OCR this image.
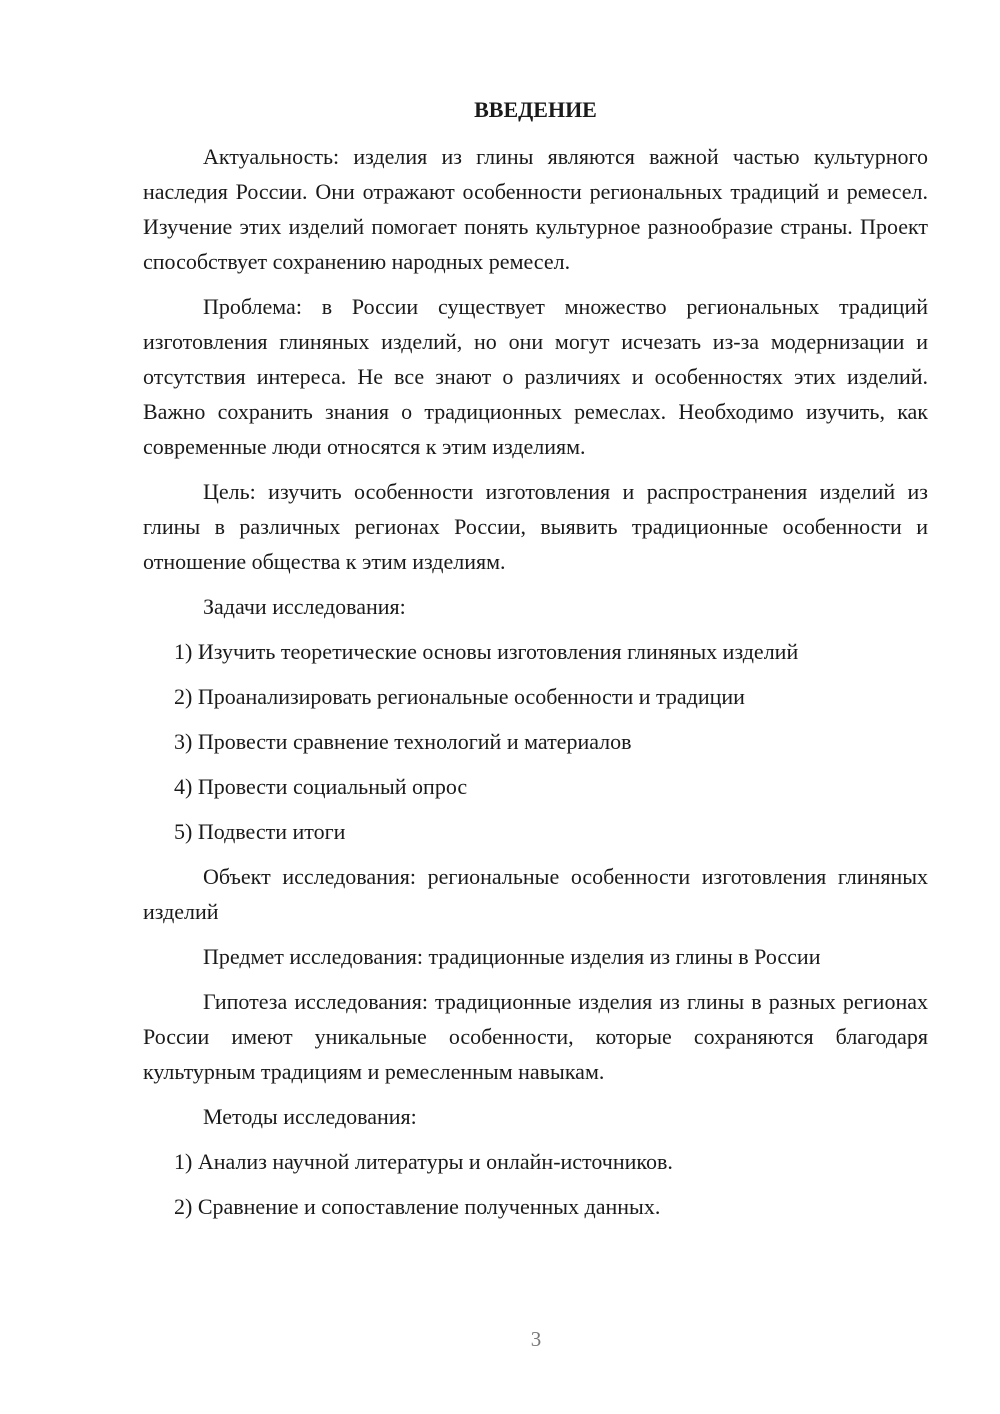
ВВЕДЕНИЕ

Актуальность: изделия из глины являются важной частью культурного наследия России. Они отражают особенности региональных традиций и ремесел. Изучение этих изделий помогает понять культурное разнообразие страны. Проект способствует сохранению народных ремесел.

Проблема: в России существует множество региональных традиций изготовления глиняных изделий, но они могут исчезать из-за модернизации и отсутствия интереса. Не все знают о различиях и особенностях этих изделий. Важно сохранить знания о традиционных ремеслах. Необходимо изучить, как современные люди относятся к этим изделиям.

Цель: изучить особенности изготовления и распространения изделий из глины в различных регионах России, выявить традиционные особенности и отношение общества к этим изделиям.

Задачи исследования:

1) Изучить теоретические основы изготовления глиняных изделий

2) Проанализировать региональные особенности и традиции

3) Провести сравнение технологий и материалов

4) Провести социальный опрос

5) Подвести итоги

Объект исследования: региональные особенности изготовления глиняных изделий

Предмет исследования: традиционные изделия из глины в России

Гипотеза исследования: традиционные изделия из глины в разных регионах России имеют уникальные особенности, которые сохраняются благодаря культурным традициям и ремесленным навыкам.

Методы исследования:

1) Анализ научной литературы и онлайн-источников.

2) Сравнение и сопоставление полученных данных.

3
